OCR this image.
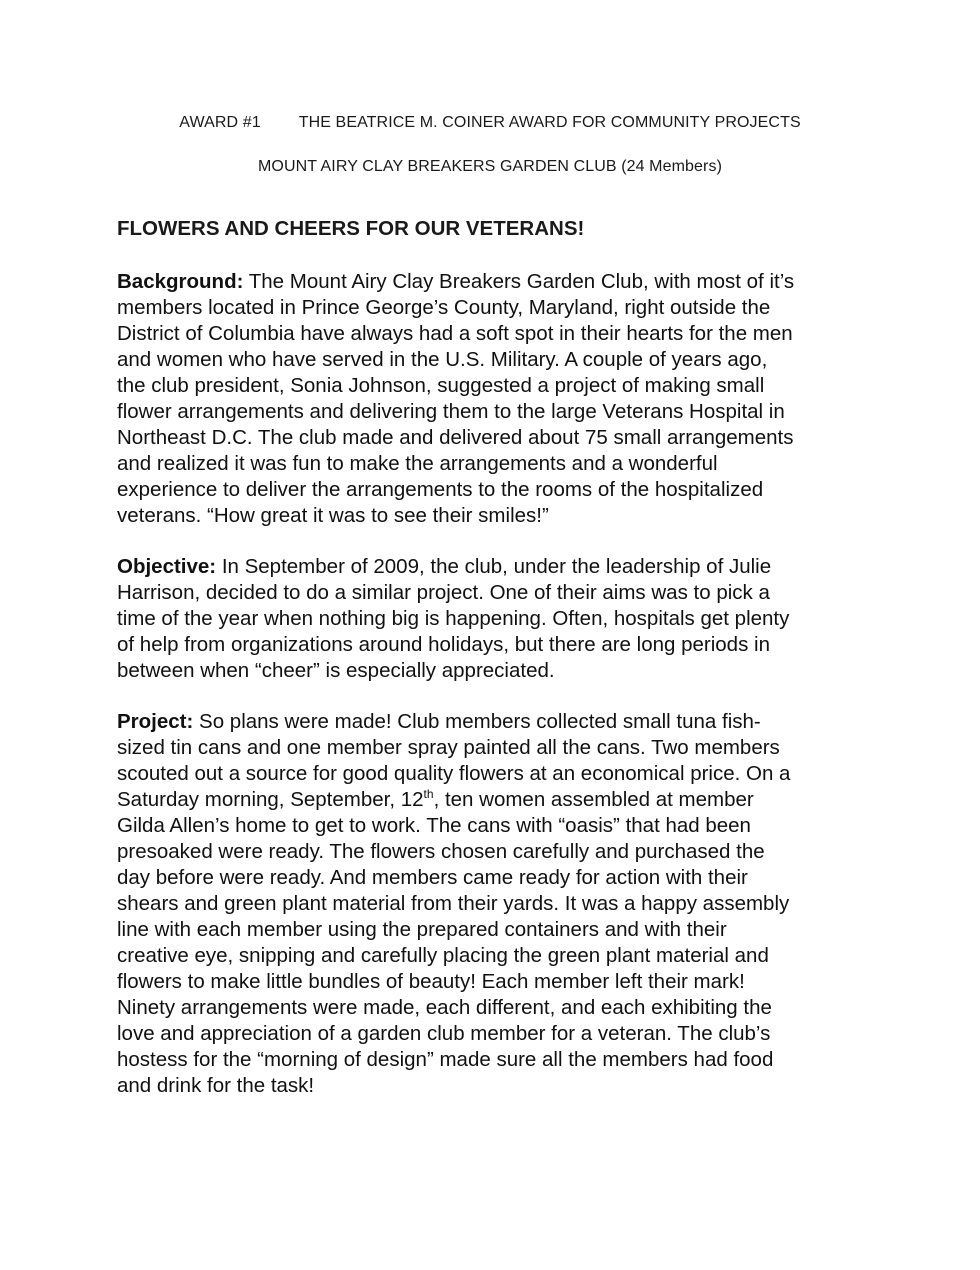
AWARD #1 THE BEATRICE M. COINER AWARD FOR COMMUNITY PROJECTS
MOUNT AIRY CLAY BREAKERS GARDEN CLUB (24 Members)
FLOWERS AND CHEERS FOR OUR VETERANS!
Background: The Mount Airy Clay Breakers Garden Club, with most of it’s
members located in Prince George’s County, Maryland, right outside the
District of Columbia have always had a soft spot in their hearts for the men
and women who have served in the U.S. Military. A couple of years ago,
the club president, Sonia Johnson, suggested a project of making small
flower arrangements and delivering them to the large Veterans Hospital in
Northeast D.C. The club made and delivered about 75 small arrangements
and realized it was fun to make the arrangements and a wonderful
experience to deliver the arrangements to the rooms of the hospitalized
veterans. “How great it was to see their smiles!”
Objective: In September of 2009, the club, under the leadership of Julie
Harrison, decided to do a similar project. One of their aims was to pick a
time of the year when nothing big is happening. Often, hospitals get plenty
of help from organizations around holidays, but there are long periods in
between when “cheer” is especially appreciated.
Project: So plans were made! Club members collected small tuna fish-
sized tin cans and one member spray painted all the cans. Two members
scouted out a source for good quality flowers at an economical price. On a
Saturday morning, September, 12th, ten women assembled at member
Gilda Allen’s home to get to work. The cans with “oasis” that had been
presoaked were ready. The flowers chosen carefully and purchased the
day before were ready. And members came ready for action with their
shears and green plant material from their yards. It was a happy assembly
line with each member using the prepared containers and with their
creative eye, snipping and carefully placing the green plant material and
flowers to make little bundles of beauty! Each member left their mark!
Ninety arrangements were made, each different, and each exhibiting the
love and appreciation of a garden club member for a veteran. The club’s
hostess for the “morning of design” made sure all the members had food
and drink for the task!
